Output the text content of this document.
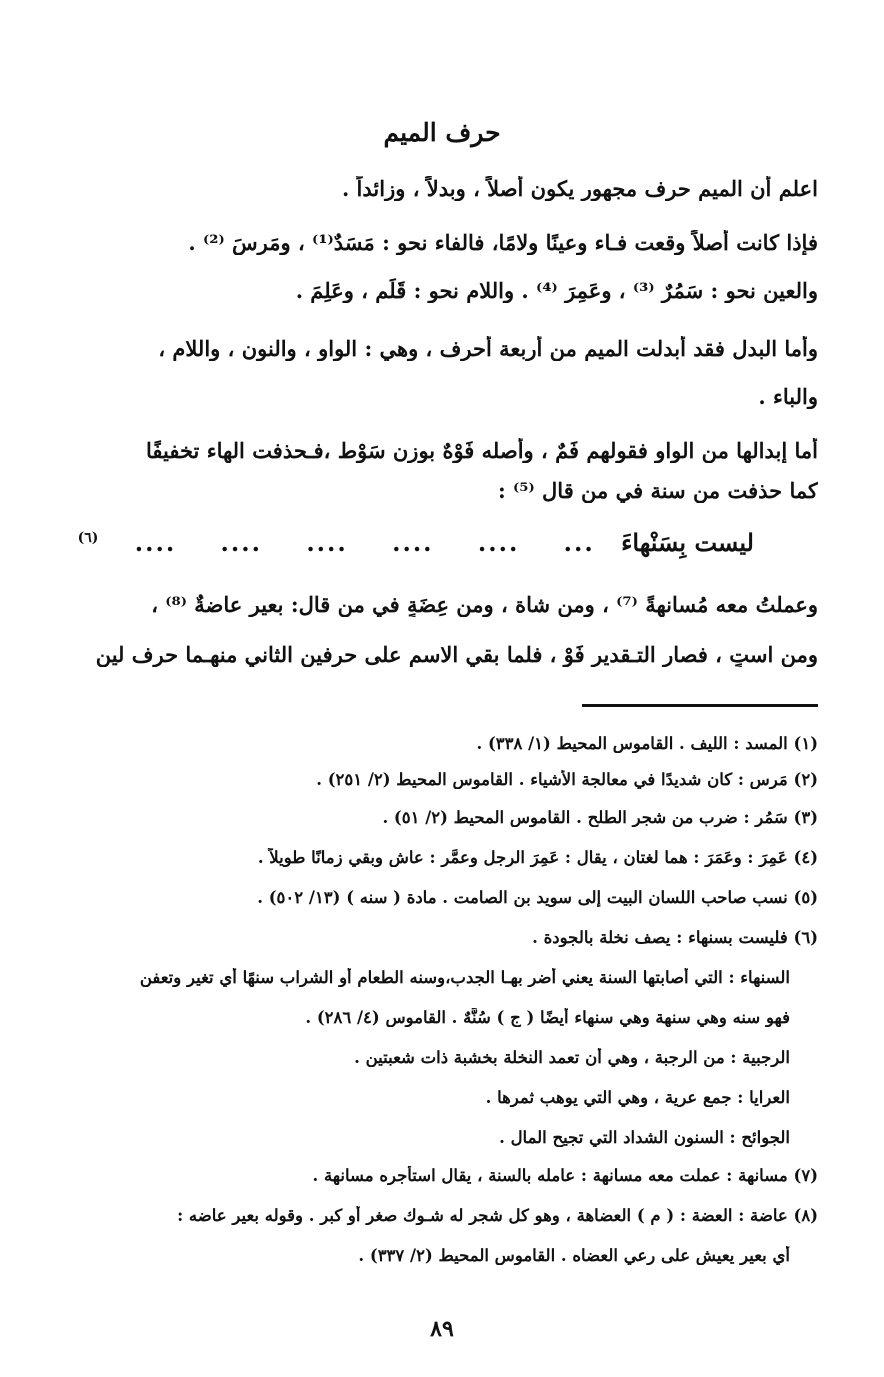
حرف الميم
اعلم أن الميم حرف مجهور يكون أصلاً ، وبدلاً ، وزائداً .
فإذا كانت أصلاً وقعت فـاء وعينًا ولامًا، فالفاء نحو : مَسَدٌ⁽¹⁾ ، ومَرِسَ ⁽²⁾ .
والعين نحو : سَمُرٌ ⁽³⁾ ، وعَمِرَ ⁽⁴⁾ . واللام نحو : قَلَمٍ ، وعَلِمَ .
وأما البدل فقد أبدلت الميم من أربعة أحرف ، وهي : الواو ، والنون ، واللام ،
والباء .
أما إبدالها من الواو فقولهم فَمٌ ، وأصله فَوْهٌ بوزن سَوْط ،فـحذفت الهاء تخفيفًا
كما حذفت من سنة في من قال ⁽⁵⁾ :
ليست بِسَنْهاءَ ... .... .... .... .... .... $^{(٦)}$
وعملتُ معه مُسانهةً ⁽⁷⁾ ، ومن شاة ، ومن عِضَةٍ في من قال: بعير عاضةٌ ⁽⁸⁾ ،
ومن استٍ ، فصار التـقدير فَوْ ، فلما بقي الاسم على حرفين الثاني منهـما حرف لين
(١) المسد : الليف . القاموس المحيط (١/ ٣٣٨) .
(٢) مَرِس : كان شديدًا في معالجة الأشياء . القاموس المحيط (٢/ ٢٥١) .
(٣) سَمُر : ضرب من شجر الطلح . القاموس المحيط (٢/ ٥١) .
(٤) عَمِرَ : وعَمَرَ : هما لغتان ، يقال : عَمِرَ الرجل وعمَّر : عاش وبقي زمانًا طويلاً .
(٥) نسب صاحب اللسان البيت إلى سويد بن الصامت . مادة ( سنه ) (١٣/ ٥٠٢) .
(٦) فليست بسنهاء : يصف نخلة بالجودة .
السنهاء : التي أصابتها السنة يعني أضر بهـا الجدب،وسنه الطعام أو الشراب سنهًا أي تغير وتعفن
فهو سنه وهي سنهة وهي سنهاء أيضًا ( ج ) سُنَّهٌ . القاموس (٤/ ٢٨٦) .
الرجبية : من الرجبة ، وهي أن تعمد النخلة بخشبة ذات شعبتين .
العرايا : جمع عرية ، وهي التي يوهب ثمرها .
الجوائح : السنون الشداد التي تجيح المال .
(٧) مسانهة : عملت معه مسانهة : عامله بالسنة ، يقال استأجره مسانهة .
(٨) عاضة : العضة : ( م ) العضاهة ، وهو كل شجر له شـوك صغر أو كبر . وقوله بعير عاضه :
أي بعير يعيش على رعي العضاه . القاموس المحيط (٢/ ٣٣٧) .
٨٩
